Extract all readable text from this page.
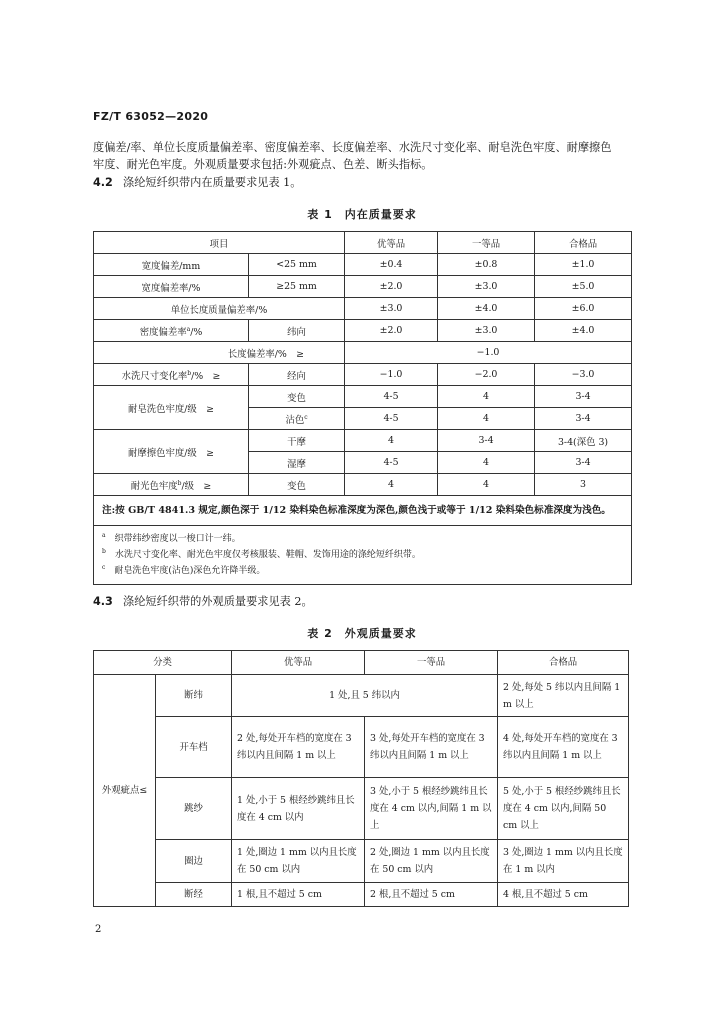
FZ/T 63052—2020
度偏差/率、单位长度质量偏差率、密度偏差率、长度偏差率、水洗尺寸变化率、耐皂洗色牢度、耐摩擦色
牢度、耐光色牢度。外观质量要求包括:外观疵点、色差、断头指标。
4.2 涤纶短纤织带内在质量要求见表 1。
表 1　内在质量要求
项目		优等品	一等品	合格品
宽度偏差/mm	<25 mm	±0.4	±0.8	±1.0
宽度偏差率/%	≥25 mm	±2.0	±3.0	±5.0
单位长度质量偏差率/%		±3.0	±4.0	±6.0
密度偏差率$^a$/%	纬向	±2.0	±3.0	±4.0
长度偏差率/%　≥		−1.0		
水洗尺寸变化率$^b$/%　≥	经向	−1.0	−2.0	−3.0
耐皂洗色牢度/级　≥	变色	4-5	4	3-4
	沾色$^c$	4-5	4	3-4
耐摩擦色牢度/级　≥	干摩	4	3-4	3-4(深色 3)
	湿摩	4-5	4	3-4
耐光色牢度$^b$/级　≥	变色	4	4	3
注:按 GB/T 4841.3 规定,颜色深于 1/12 染料染色标准深度为深色,颜色浅于或等于 1/12 染料染色标准深度为浅色。				

$^a$　 织带纬纱密度以一梭口计一纬。
$^b$　 水洗尺寸变化率、耐光色牢度仅考核服装、鞋帽、发饰用途的涤纶短纤织带。
$^c$　 耐皂洗色牢度(沾色)深色允许降半级。				
4.3 涤纶短纤织带的外观质量要求见表 2。
表 2　外观质量要求
分类		优等品	一等品	合格品
外观疵点≤	断纬	1 处,且 5 纬以内		2 处,每处 5 纬以内且间隔 1 m 以上
	开车档	2 处,每处开车档的宽度在 3 纬以内且间隔 1 m 以上	3 处,每处开车档的宽度在 3 纬以内且间隔 1 m 以上	4 处,每处开车档的宽度在 3 纬以内且间隔 1 m 以上
	跳纱	1 处,小于 5 根经纱跳纬且长度在 4 cm 以内	3 处,小于 5 根经纱跳纬且长度在 4 cm 以内,间隔 1 m 以上	5 处,小于 5 根经纱跳纬且长度在 4 cm 以内,间隔 50 cm 以上
	圈边	1 处,圈边 1 mm 以内且长度在 50 cm 以内	2 处,圈边 1 mm 以内且长度在 50 cm 以内	3 处,圈边 1 mm 以内且长度在 1 m 以内
	断经	1 根,且不超过 5 cm	2 根,且不超过 5 cm	4 根,且不超过 5 cm
2
